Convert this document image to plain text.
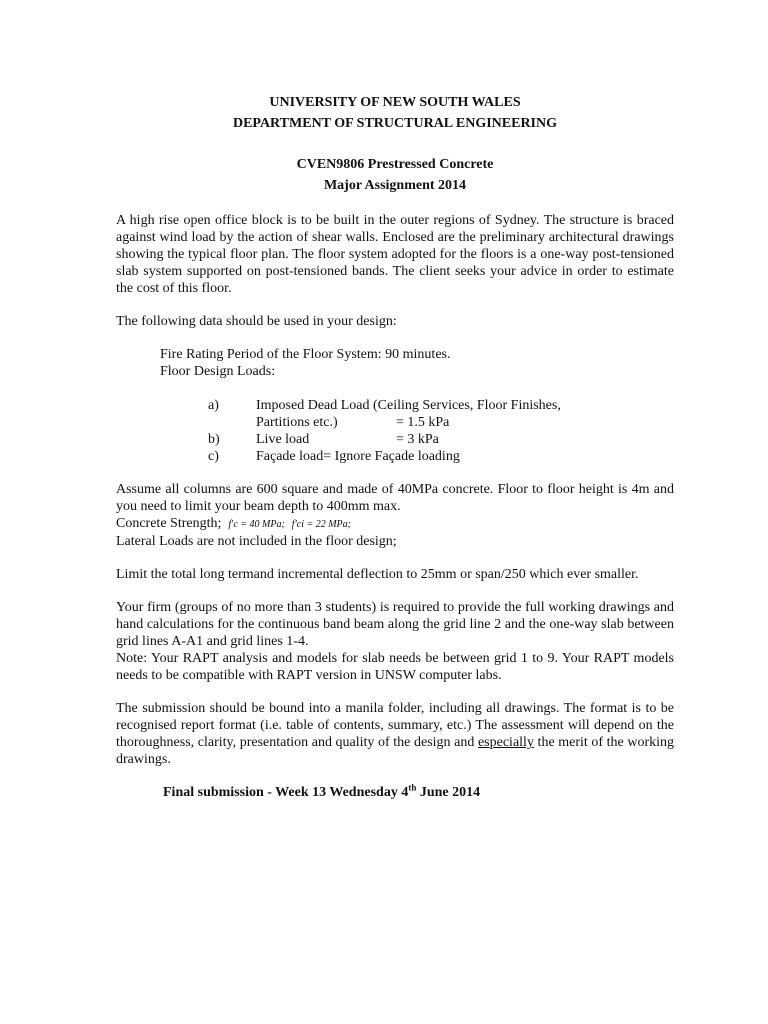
UNIVERSITY OF NEW SOUTH WALES
DEPARTMENT OF STRUCTURAL ENGINEERING
CVEN9806 Prestressed Concrete
Major Assignment 2014

A high rise open office block is to be built in the outer regions of Sydney. The structure is braced against wind load by the action of shear walls. Enclosed are the preliminary architectural drawings showing the typical floor plan. The floor system adopted for the floors is a one-way post-tensioned slab system supported on post-tensioned bands. The client seeks your advice in order to estimate the cost of this floor.

The following data should be used in your design:

Fire Rating Period of the Floor System: 90 minutes.
Floor Design Loads:
a)	Imposed Dead Load (Ceiling Services, Floor Finishes,
Partitions etc.)	= 1.5 kPa
b)	Live load	= 3 kPa
c)	Façade load= Ignore Façade loading

Assume all columns are 600 square and made of 40MPa concrete. Floor to floor height is 4m and you need to limit your beam depth to 400mm max.

Concrete Strength; f′c = 40 MPa; f′ci = 22 MPa;
Lateral Loads are not included in the floor design;

Limit the total long termand incremental deflection to 25mm or span/250 which ever smaller.

Your firm (groups of no more than 3 students) is required to provide the full working drawings and hand calculations for the continuous band beam along the grid line 2 and the one-way slab between grid lines A-A1 and grid lines 1-4.

Note: Your RAPT analysis and models for slab needs be between grid 1 to 9. Your RAPT models needs to be compatible with RAPT version in UNSW computer labs.

The submission should be bound into a manila folder, including all drawings. The format is to be recognised report format (i.e. table of contents, summary, etc.) The assessment will depend on the thoroughness, clarity, presentation and quality of the design and especially the merit of the working drawings.

Final submission - Week 13 Wednesday 4th June 2014
